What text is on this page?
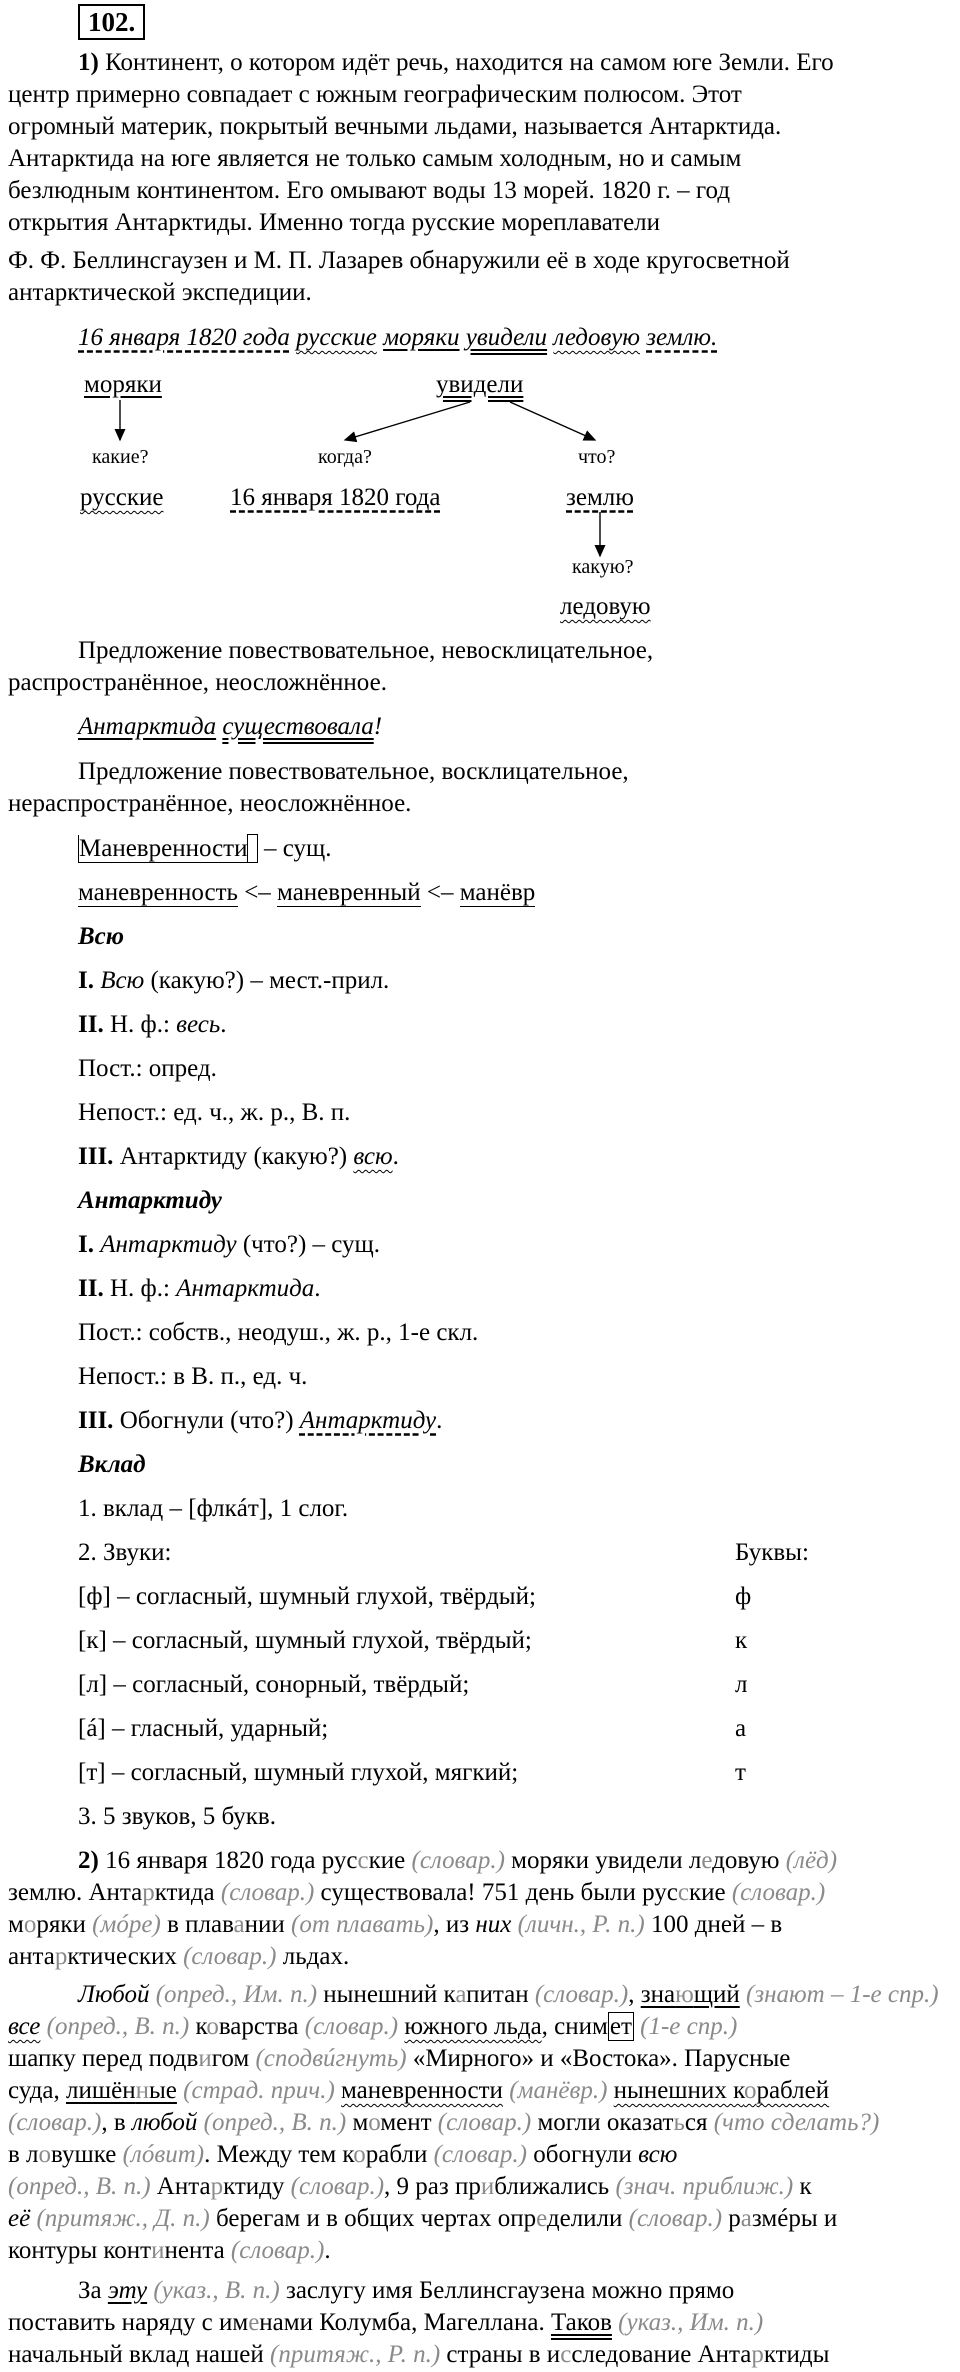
102.
1) Континент, о котором идёт речь, находится на самом юге Земли. Его
центр примерно совпадает с южным географическим полюсом. Этот
огромный материк, покрытый вечными льдами, называется Антарктида.
Антарктида на юге является не только самым холодным, но и самым
безлюдным континентом. Его омывают воды 13 морей. 1820 г. – год
открытия Антарктиды. Именно тогда русские мореплаватели
Ф. Ф. Беллинсгаузен и М. П. Лазарев обнаружили её в ходе кругосветной
антарктической экспедиции.
16 января 1820 года русские моряки увидели ледовую землю.
моряки	увидели
какие?	когда?	что?
русские	16 января 1820 года	землю
какую?
ледовую
Предложение повествовательное, невосклицательное,
распространённое, неосложнённое.
Антарктида существовала!
Предложение повествовательное, восклицательное,
нераспространённое, неосложнённое.
Маневренности – сущ.
маневренность <– маневренный <– манёвр
Всю
I. Всю (какую?) – мест.-прил.
II. Н. ф.: весь.
Пост.: опред.
Непост.: ед. ч., ж. р., В. п.
III. Антарктиду (какую?) всю.
Антарктиду
I. Антарктиду (что?) – сущ.
II. Н. ф.: Антарктида.
Пост.: собств., неодуш., ж. р., 1-е скл.
Непост.: в В. п., ед. ч.
III. Обогнули (что?) Антарктиду.
Вклад
1. вклад – [флкáт], 1 слог.
2. Звуки:	Буквы:
[ф] – согласный, шумный глухой, твёрдый;	ф
[к] – согласный, шумный глухой, твёрдый;	к
[л] – согласный, сонорный, твёрдый;	л
[á] – гласный, ударный;	а
[т] – согласный, шумный глухой, мягкий;	т
3. 5 звуков, 5 букв.
2) 16 января 1820 года русские (словар.) моряки увидели ледовую (лёд)
землю. Антарктида (словар.) существовала! 751 день были русские (словар.)
моряки (мóре) в плавании (от плавать), из них (личн., Р. п.) 100 дней – в
антарктических (словар.) льдах.
Любой (опред., Им. п.) нынешний капитан (словар.), знающий (знают – 1-е спр.)
все (опред., В. п.) коварства (словар.) южного льда, снимет (1-е спр.)
шапку перед подвигом (сподвúгнуть) «Мирного» и «Востока». Парусные
суда, лишённые (страд. прич.) маневренности (манёвр.) нынешних кораблей
(словар.), в любой (опред., В. п.) момент (словар.) могли оказаться (что сделать?)
в ловушке (лóвит). Между тем корабли (словар.) обогнули всю
(опред., В. п.) Антарктиду (словар.), 9 раз приближались (знач. приближ.) к
её (притяж., Д. п.) берегам и в общих чертах определили (словар.) размéры и
контуры континента (словар.).
За эту (указ., В. п.) заслугу имя Беллинсгаузена можно прямо
поставить наряду с именами Колумба, Магеллана. Таков (указ., Им. п.)
начальный вклад нашей (притяж., Р. п.) страны в исследование Антарктиды
